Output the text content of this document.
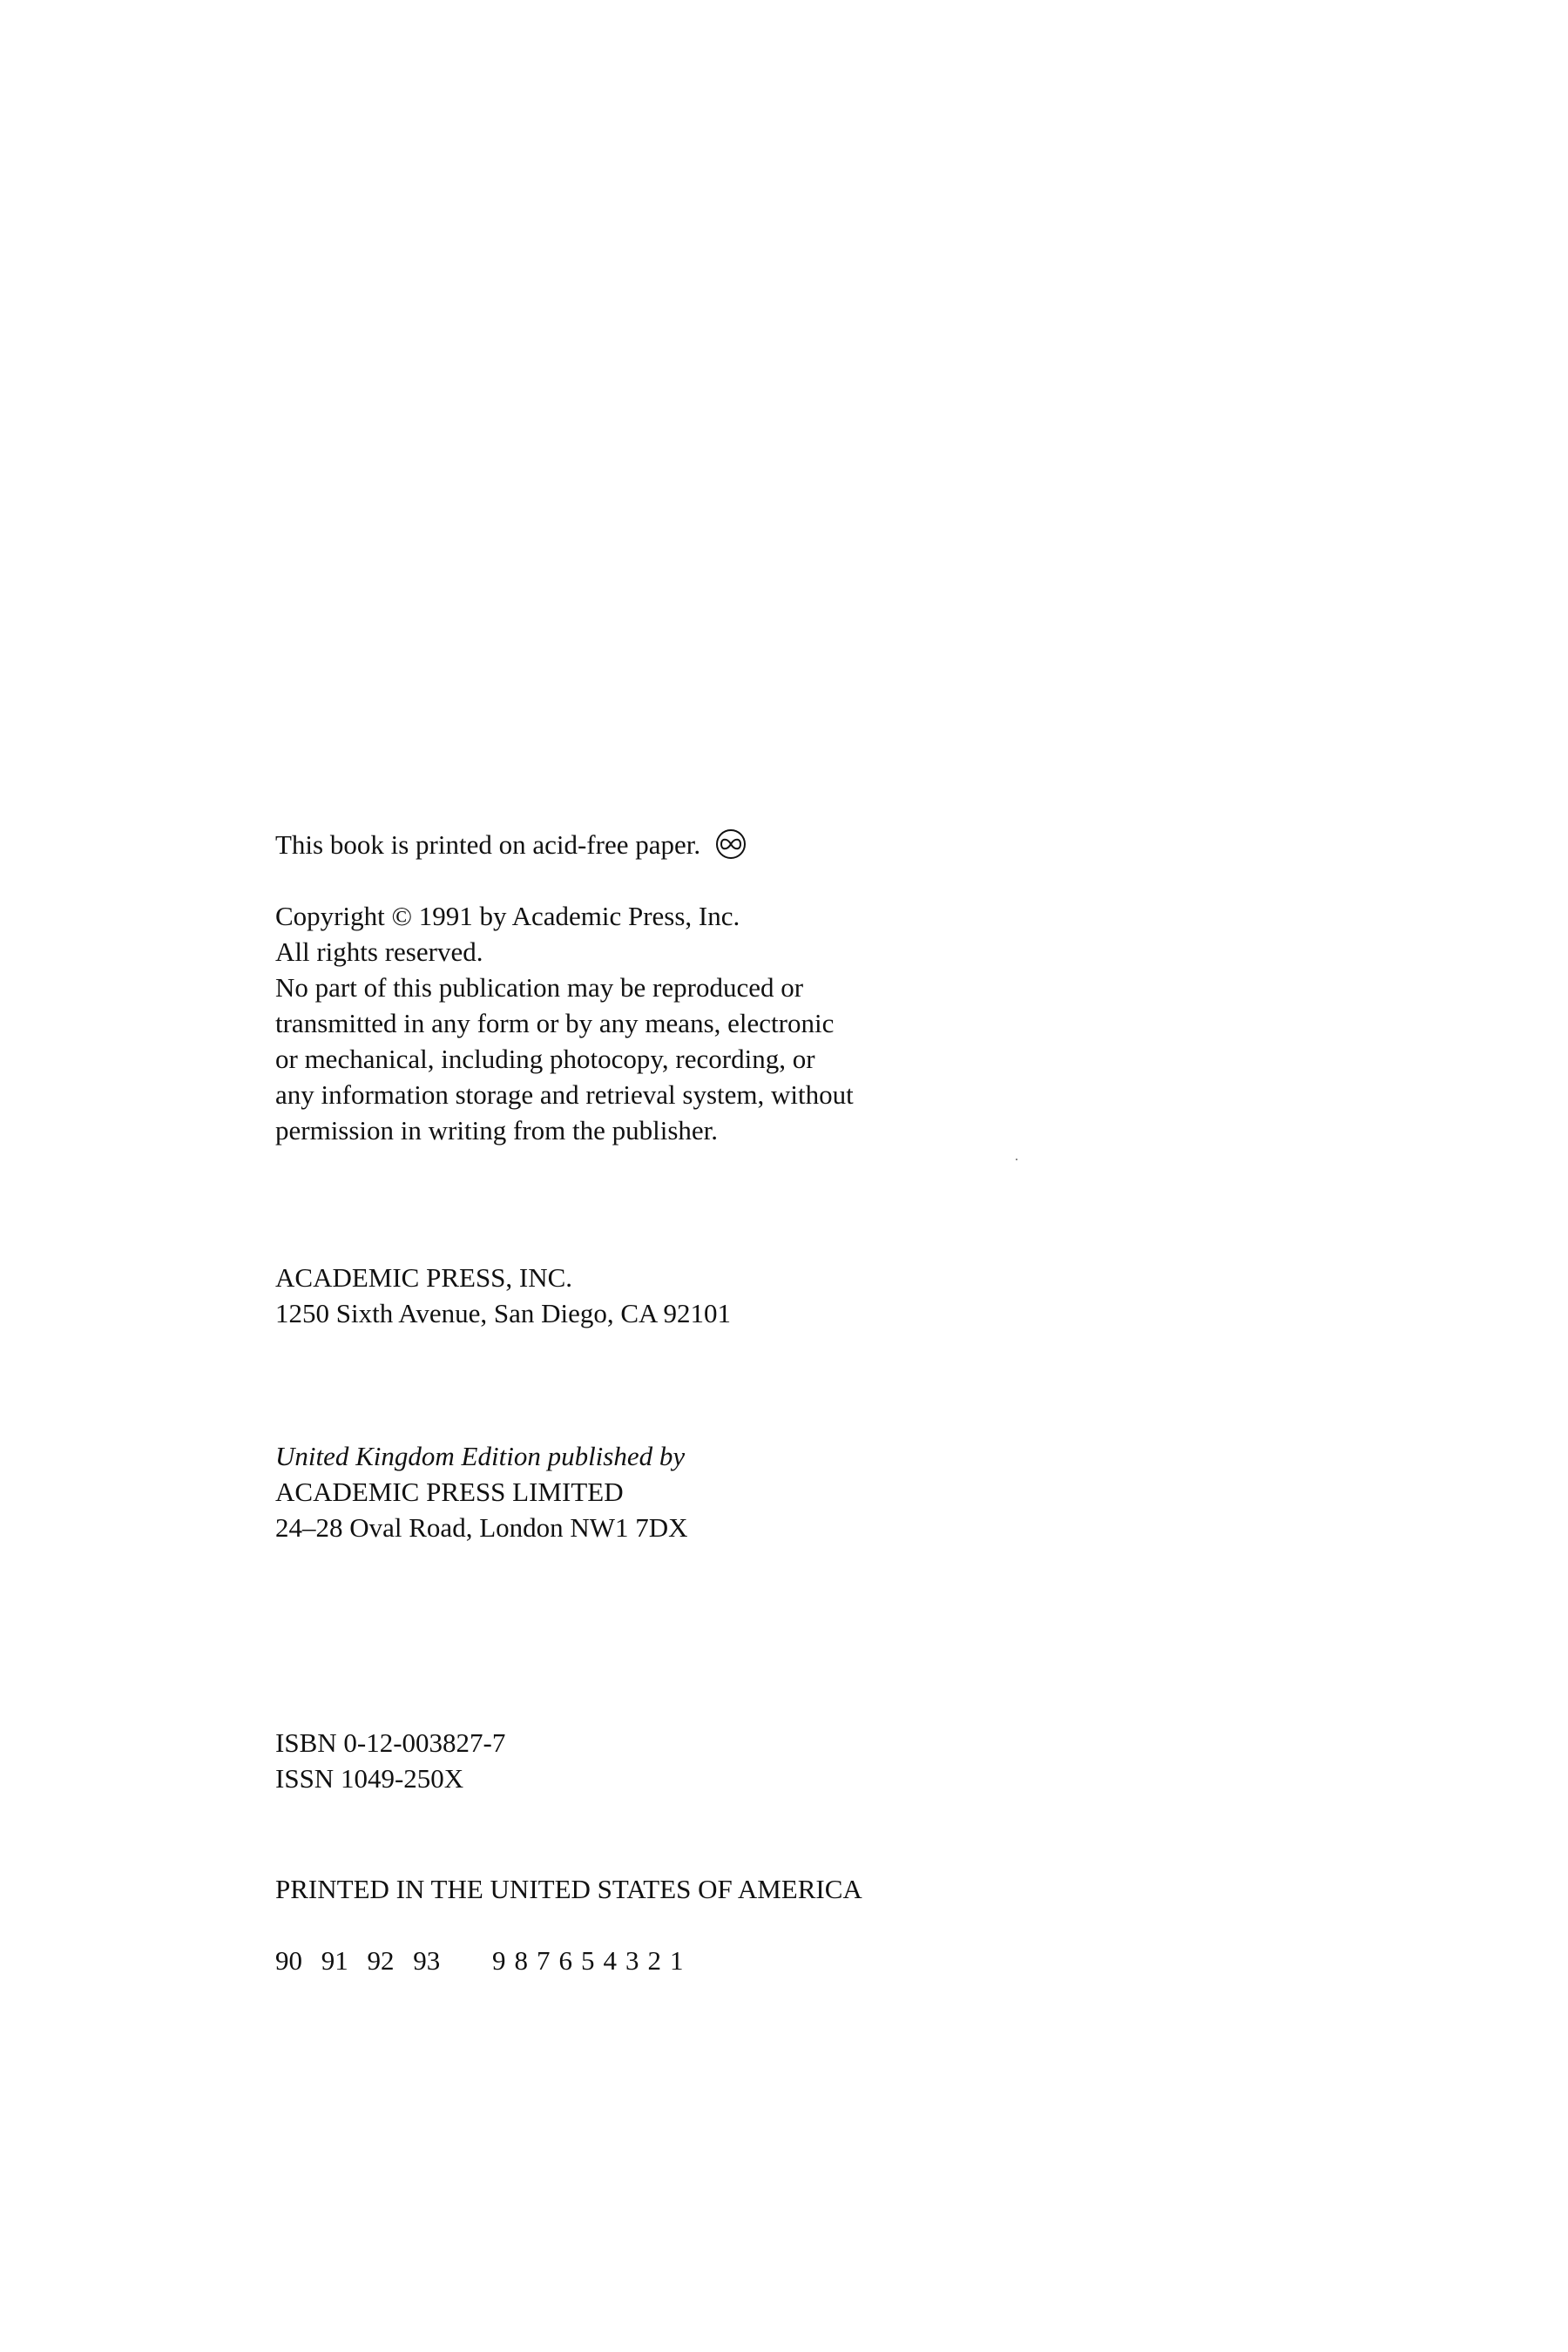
This book is printed on acid-free paper.
Copyright © 1991 by Academic Press, Inc.
All rights reserved.
No part of this publication may be reproduced or
transmitted in any form or by any means, electronic
or mechanical, including photocopy, recording, or
any information storage and retrieval system, without
permission in writing from the publisher.
ACADEMIC PRESS, INC.
1250 Sixth Avenue, San Diego, CA 92101
United Kingdom Edition published by
ACADEMIC PRESS LIMITED
24–28 Oval Road, London NW1 7DX
ISBN 0-12-003827-7
ISSN 1049-250X
PRINTED IN THE UNITED STATES OF AMERICA
90 91 92 93 987654321
